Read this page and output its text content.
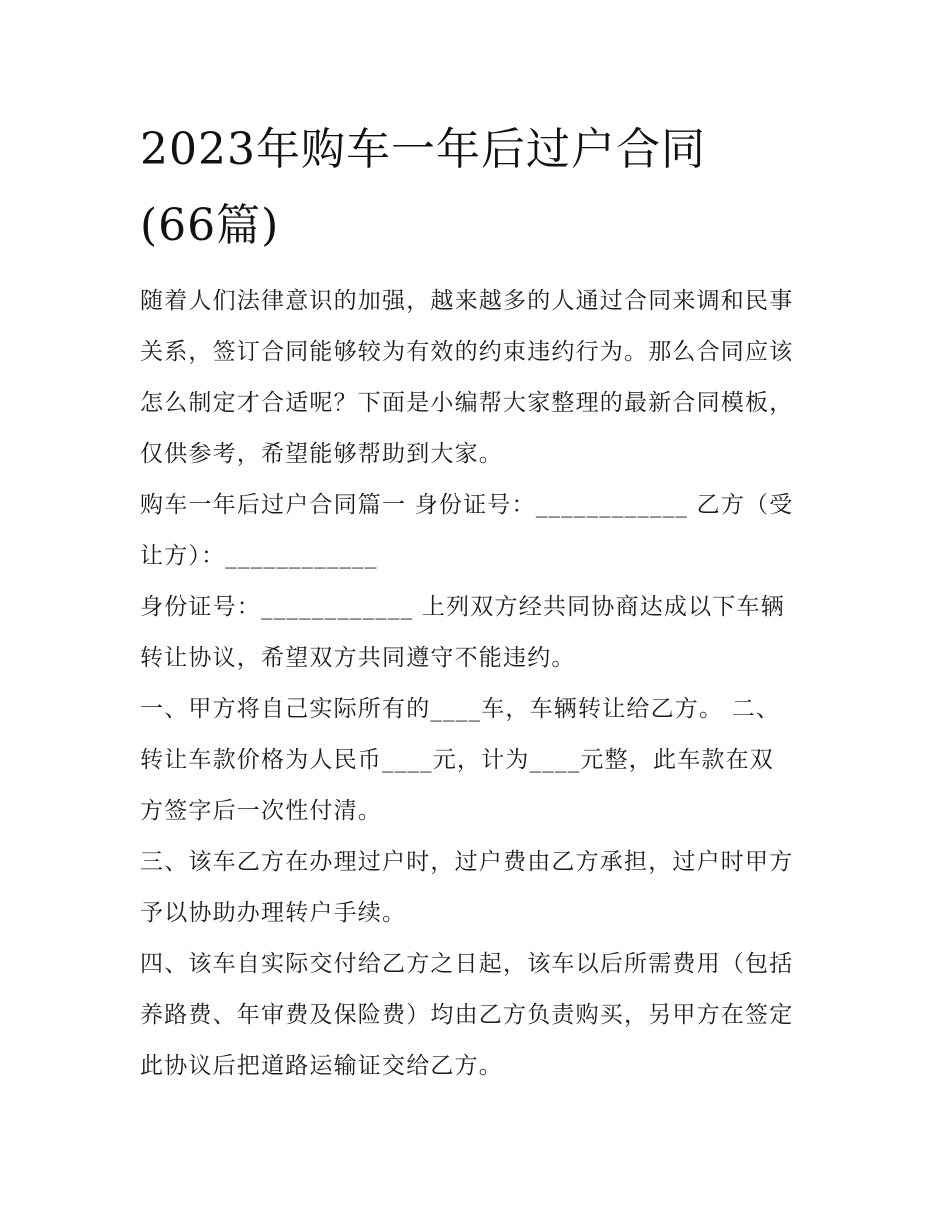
2023年购车一年后过户合同
(66篇)
随着人们法律意识的加强，越来越多的人通过合同来调和民事
关系，签订合同能够较为有效的约束违约行为。那么合同应该
怎么制定才合适呢？下面是小编帮大家整理的最新合同模板，
仅供参考，希望能够帮助到大家。
购车一年后过户合同篇一 身份证号：____________ 乙方（受
让方）：____________
身份证号：____________ 上列双方经共同协商达成以下车辆
转让协议，希望双方共同遵守不能违约。
一、甲方将自己实际所有的____车，车辆转让给乙方。 二、
转让车款价格为人民币____元，计为____元整，此车款在双
方签字后一次性付清。
三、该车乙方在办理过户时，过户费由乙方承担，过户时甲方
予以协助办理转户手续。
四、该车自实际交付给乙方之日起，该车以后所需费用（包括
养路费、年审费及保险费）均由乙方负责购买，另甲方在签定
此协议后把道路运输证交给乙方。
